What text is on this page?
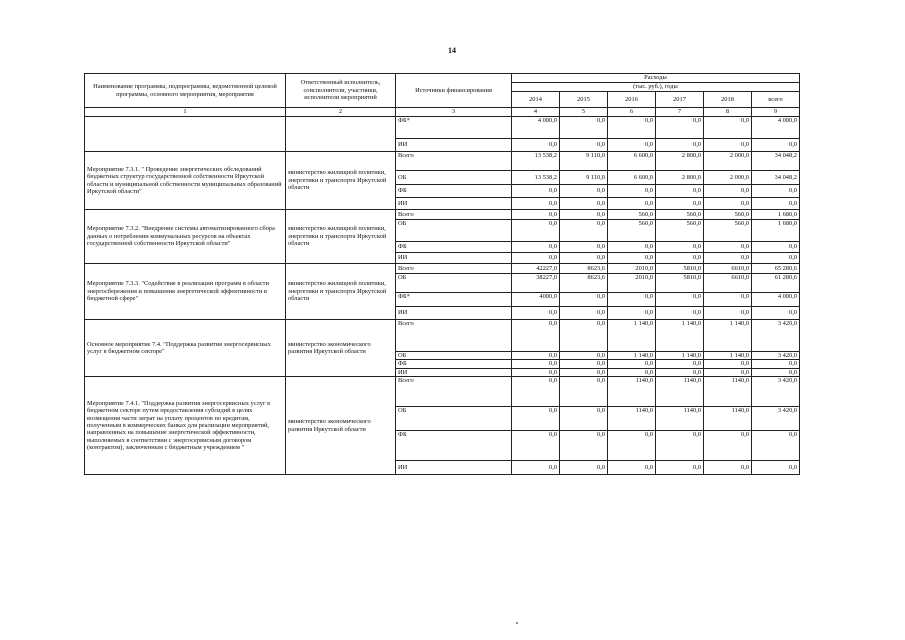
14
Наименование программы, подпрограммы, ведомственной целевой программы, основного мероприятия, мероприятия	Ответственный исполнитель, соисполнители, участники, исполнители мероприятий	Источники финансирования	Расходы					
			(тыс. руб.), годы					
			2014	2015	2016	2017	2018	всего
1	2	3	4	5	6	7	8	9
		ФБ*	4 000,0	0,0	0,0	0,0	0,0	4 000,0
		ИИ	0,0	0,0	0,0	0,0	0,0	0,0
Мероприятие 7.3.1. " Проведение энергетических обследований бюджетных структур государственной собственности Иркутской области и муниципальной собственности муниципальных образований Иркутской области"	министерство жилищной политики, энергетики и транспорта Иркутской области	Всего	13 538,2	9 110,0	6 600,0	2 800,0	2 000,0	34 048,2
		ОБ	13 538,2	9 110,0	6 600,0	2 800,0	2 000,0	34 048,2
		ФБ	0,0	0,0	0,0	0,0	0,0	0,0
		ИИ	0,0	0,0	0,0	0,0	0,0	0,0
Мероприятие 7.3.2. "Внедрение системы автоматизированного сбора данных о потреблении коммунальных ресурсов на объектах государственной собственности Иркутской области"	министерство жилищной политики, энергетики и транспорта Иркутской области	Всего	0,0	0,0	560,0	560,0	560,0	1 680,0
		ОБ	0,0	0,0	560,0	560,0	560,0	1 680,0
		ФБ	0,0	0,0	0,0	0,0	0,0	0,0
		ИИ	0,0	0,0	0,0	0,0	0,0	0,0
Мероприятие 7.3.3. "Содействие в реализации программ в области энергосбережения и повышения энергетической эффективности в бюджетной сфере"	министерство жилищной политики, энергетики и транспорта Иркутской области	Всего	42227,0	8623,6	2010,0	5810,0	6610,0	65 280,6
		ОБ	38227,0	8623,6	2010,0	5810,0	6610,0	61 280,6
		ФБ*	4000,0	0,0	0,0	0,0	0,0	4 000,0
		ИИ	0,0	0,0	0,0	0,0	0,0	0,0
Основное мероприятие 7.4. "Поддержка развития энергосервисных услуг в бюджетном секторе"	министерство экономического развития Иркутской области	Всего	0,0	0,0	1 140,0	1 140,0	1 140,0	3 420,0
		ОБ	0,0	0,0	1 140,0	1 140,0	1 140,0	3 420,0
		ФБ	0,0	0,0	0,0	0,0	0,0	0,0
		ИИ	0,0	0,0	0,0	0,0	0,0	0,0
Мероприятие 7.4.1. "Поддержка развития энергосервисных услуг в бюджетном секторе путем предоставления субсидий в целях возмещения части затрат на уплату процентов по кредитам, полученным в коммерческих банках для реализации мероприятий, направленных на повышение энергетической эффективности, выполняемых в соответствии с энергосервисным договором (контрактом), заключенным с бюджетным учреждением "	министерство экономического развития Иркутской области	Всего	0,0	0,0	1140,0	1140,0	1140,0	3 420,0
		ОБ	0,0	0,0	1140,0	1140,0	1140,0	3 420,0
		ФБ	0,0	0,0	0,0	0,0	0,0	0,0
		ИИ	0,0	0,0	0,0	0,0	0,0	0,0
